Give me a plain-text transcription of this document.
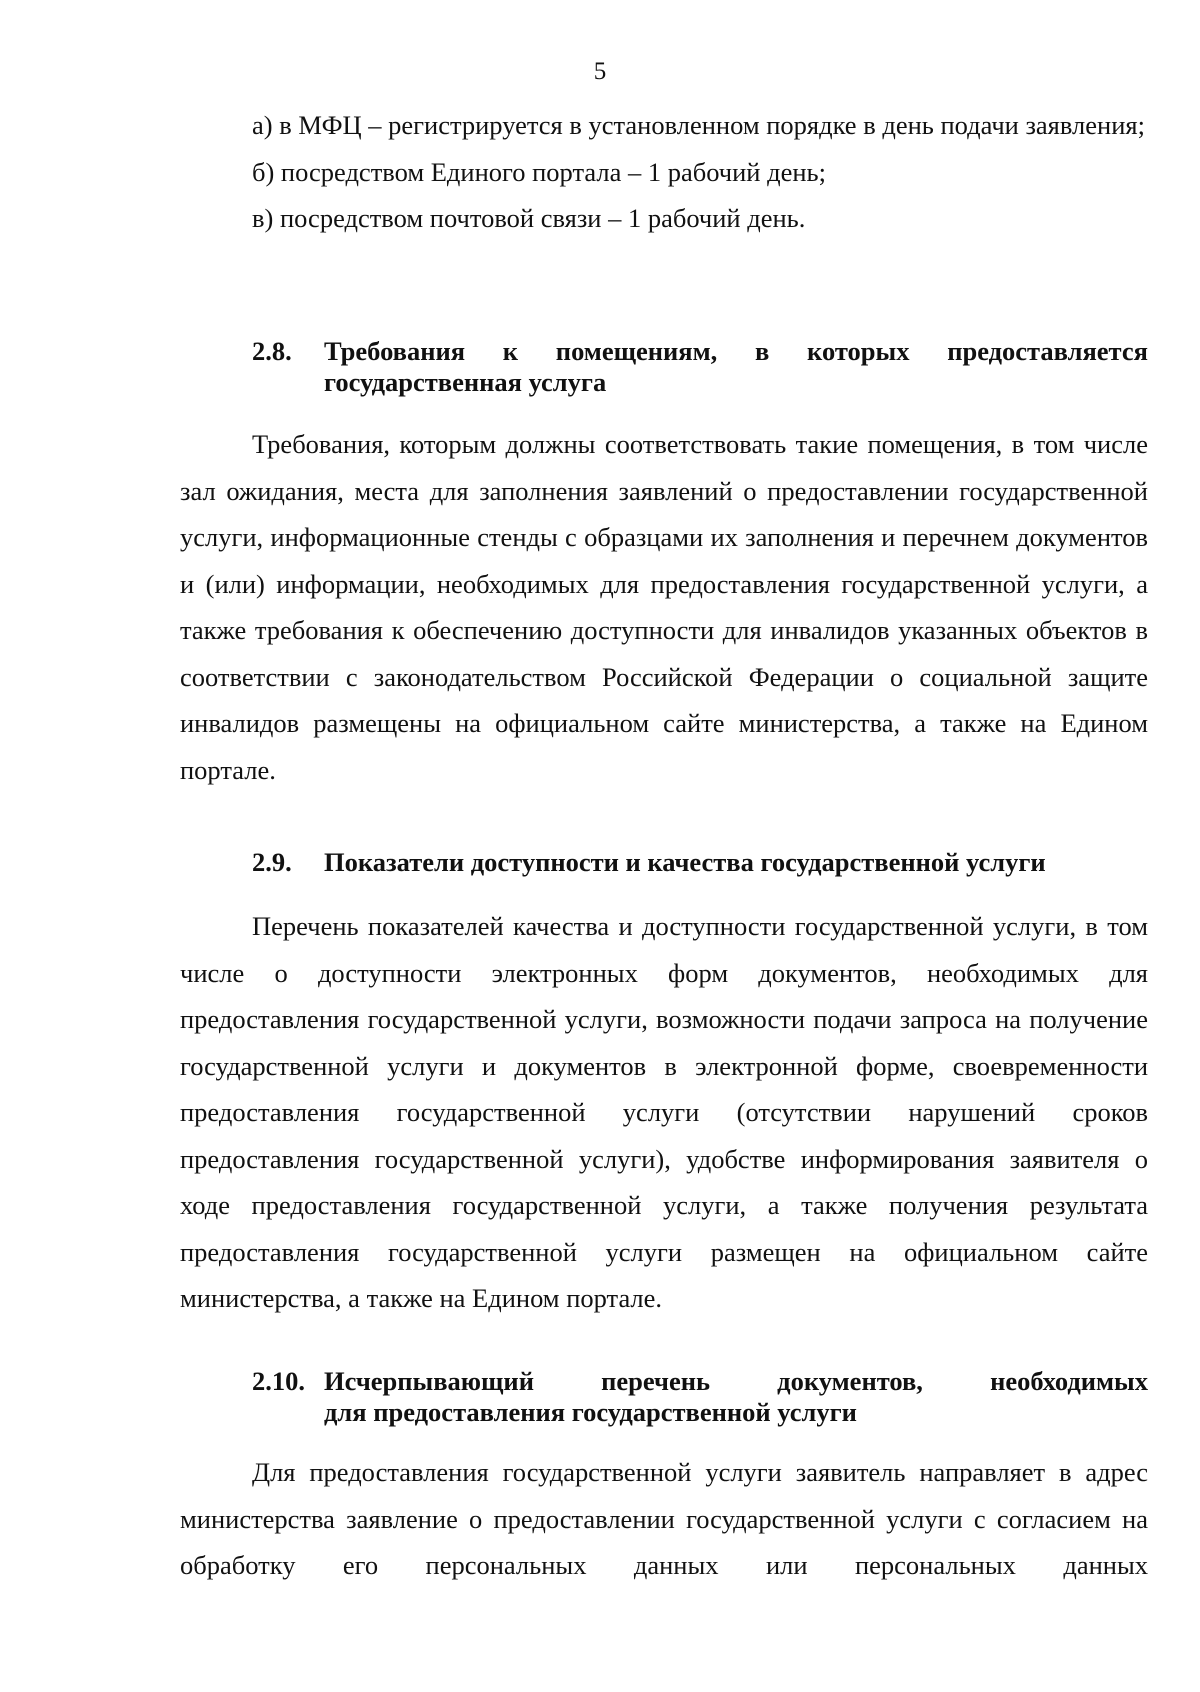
5

а) в МФЦ – регистрируется в установленном порядке в день подачи заявления;

б) посредством Единого портала – 1 рабочий день;

в) посредством почтовой связи – 1 рабочий день.

2.8.	Требования к помещениям, в которых предоставляется
государственная услуга

Требования, которым должны соответствовать такие помещения, в том числе зал ожидания, места для заполнения заявлений о предоставлении государственной услуги, информационные стенды с образцами их заполнения и перечнем документов и (или) информации, необходимых для предоставления государственной услуги, а также требования к обеспечению доступности для инвалидов указанных объектов в соответствии с законодательством Российской Федерации о социальной защите инвалидов размещены на официальном сайте министерства, а также на Едином портале.

2.9.	Показатели доступности и качества государственной услуги

Перечень показателей качества и доступности государственной услуги, в том числе о доступности электронных форм документов, необходимых для предоставления государственной услуги, возможности подачи запроса на получение государственной услуги и документов в электронной форме, своевременности предоставления государственной услуги (отсутствии нарушений сроков предоставления государственной услуги), удобстве информирования заявителя о ходе предоставления государственной услуги, а также получения результата предоставления государственной услуги размещен на официальном сайте министерства, а также на Едином портале.

2.10. Исчерпывающий перечень документов, необходимых
для предоставления государственной услуги

Для предоставления государственной услуги заявитель направляет в адрес министерства заявление о предоставлении государственной услуги с согласием на обработку его персональных данных или персональных данных
